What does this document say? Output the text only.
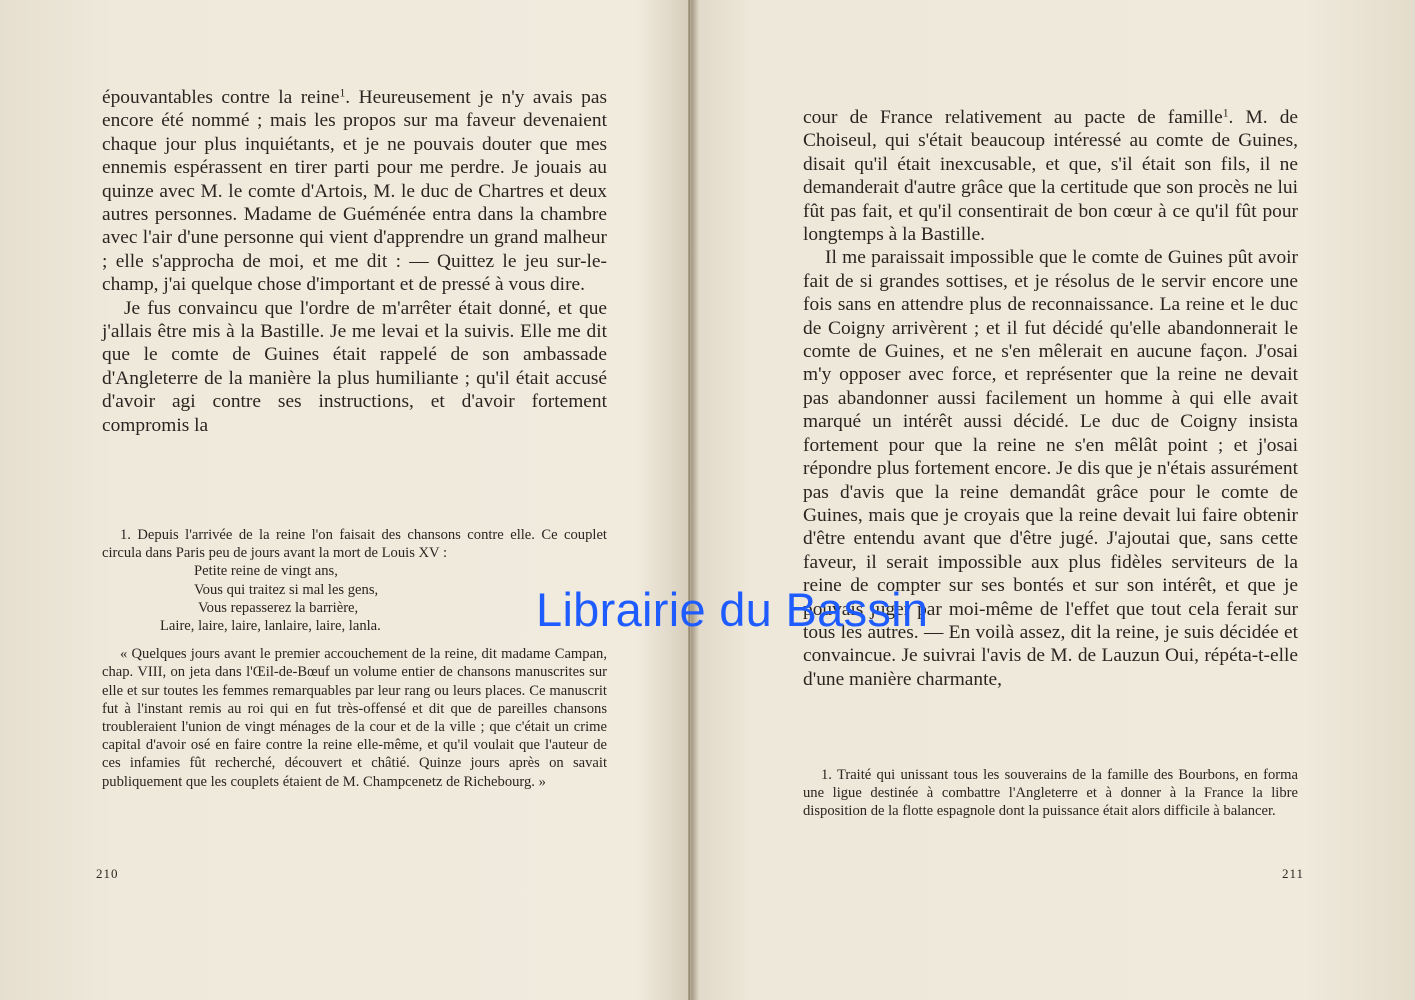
épouvantables contre la reine$^1$. Heureusement je n'y avais pas encore été nommé ; mais les propos sur ma faveur devenaient chaque jour plus inquiétants, et je ne pouvais douter que mes ennemis espérassent en tirer parti pour me perdre. Je jouais au quinze avec M. le comte d'Artois, M. le duc de Chartres et deux autres personnes. Madame de Guéménée entra dans la chambre avec l'air d'une personne qui vient d'apprendre un grand malheur ; elle s'approcha de moi, et me dit : — Quittez le jeu sur-le-champ, j'ai quelque chose d'important et de pressé à vous dire.

Je fus convaincu que l'ordre de m'arrêter était donné, et que j'allais être mis à la Bastille. Je me levai et la suivis. Elle me dit que le comte de Guines était rappelé de son ambassade d'Angleterre de la manière la plus humiliante ; qu'il était accusé d'avoir agi contre ses instructions, et d'avoir fortement compromis la

1. Depuis l'arrivée de la reine l'on faisait des chansons contre elle. Ce couplet circula dans Paris peu de jours avant la mort de Louis XV :

Petite reine de vingt ans,
Vous qui traitez si mal les gens,
Vous repasserez la barrière,
Laire, laire, laire, lanlaire, laire, lanla.

« Quelques jours avant le premier accouchement de la reine, dit madame Campan, chap. VIII, on jeta dans l'Œil-de-Bœuf un volume entier de chansons manuscrites sur elle et sur toutes les femmes remarquables par leur rang ou leurs places. Ce manuscrit fut à l'instant remis au roi qui en fut très-offensé et dit que de pareilles chansons troubleraient l'union de vingt ménages de la cour et de la ville ; que c'était un crime capital d'avoir osé en faire contre la reine elle-même, et qu'il voulait que l'auteur de ces infamies fût recherché, découvert et châtié. Quinze jours après on savait publiquement que les couplets étaient de M. Champcenetz de Richebourg. »

210

cour de France relativement au pacte de famille$^1$. M. de Choiseul, qui s'était beaucoup intéressé au comte de Guines, disait qu'il était inexcusable, et que, s'il était son fils, il ne demanderait d'autre grâce que la certitude que son procès ne lui fût pas fait, et qu'il consentirait de bon cœur à ce qu'il fût pour longtemps à la Bastille.

Il me paraissait impossible que le comte de Guines pût avoir fait de si grandes sottises, et je résolus de le servir encore une fois sans en attendre plus de reconnaissance. La reine et le duc de Coigny arrivèrent ; et il fut décidé qu'elle abandonnerait le comte de Guines, et ne s'en mêlerait en aucune façon. J'osai m'y opposer avec force, et représenter que la reine ne devait pas abandonner aussi facilement un homme à qui elle avait marqué un intérêt aussi décidé. Le duc de Coigny insista fortement pour que la reine ne s'en mêlât point ; et j'osai répondre plus fortement encore. Je dis que je n'étais assurément pas d'avis que la reine demandât grâce pour le comte de Guines, mais que je croyais que la reine devait lui faire obtenir d'être entendu avant que d'être jugé. J'ajoutai que, sans cette faveur, il serait impossible aux plus fidèles serviteurs de la reine de compter sur ses bontés et sur son intérêt, et que je pouvais juger par moi-même de l'effet que tout cela ferait sur tous les autres. — En voilà assez, dit la reine, je suis décidée et convaincue. Je suivrai l'avis de M. de Lauzun Oui, répéta-t-elle d'une manière charmante,

1. Traité qui unissant tous les souverains de la famille des Bourbons, en forma une ligue destinée à combattre l'Angleterre et à donner à la France la libre disposition de la flotte espagnole dont la puissance était alors difficile à balancer.

211
Librairie du Bassin
